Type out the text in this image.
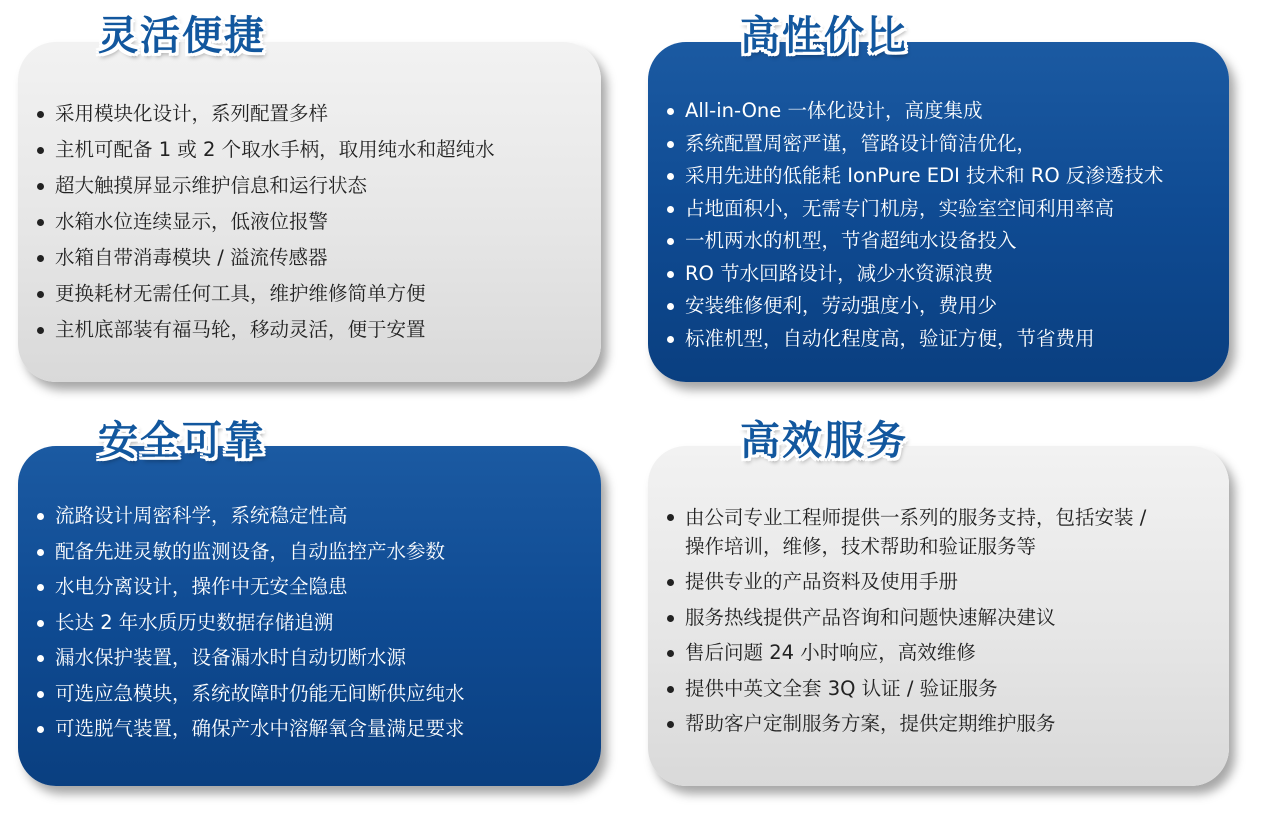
采用模块化设计，系列配置多样
主机可配备 1 或 2 个取水手柄，取用纯水和超纯水
超大触摸屏显示维护信息和运行状态
水箱水位连续显示，低液位报警
水箱自带消毒模块 / 溢流传感器
更换耗材无需任何工具，维护维修简单方便
主机底部装有福马轮，移动灵活，便于安置
灵活便捷
All-in-One 一体化设计，高度集成
系统配置周密严谨，管路设计简洁优化，
采用先进的低能耗 IonPure EDI 技术和 RO 反渗透技术
占地面积小，无需专门机房，实验室空间利用率高
一机两水的机型，节省超纯水设备投入
RO 节水回路设计，减少水资源浪费
安装维修便利，劳动强度小，费用少
标准机型，自动化程度高，验证方便，节省费用
高性价比
流路设计周密科学，系统稳定性高
配备先进灵敏的监测设备，自动监控产水参数
水电分离设计，操作中无安全隐患
长达 2 年水质历史数据存储追溯
漏水保护装置，设备漏水时自动切断水源
可选应急模块，系统故障时仍能无间断供应纯水
可选脱气装置，确保产水中溶解氧含量满足要求
安全可靠
由公司专业工程师提供一系列的服务支持，包括安装 /
操作培训，维修，技术帮助和验证服务等
提供专业的产品资料及使用手册
服务热线提供产品咨询和问题快速解决建议
售后问题 24 小时响应，高效维修
提供中英文全套 3Q 认证 / 验证服务
帮助客户定制服务方案，提供定期维护服务
高效服务
